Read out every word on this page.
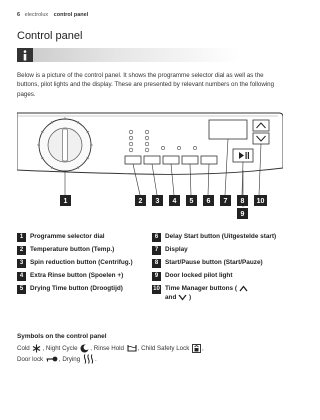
6 electrolux control panel
Control panel
Below is a picture of the control panel. It shows the programme selector dial as well as the buttons, pilot lights and the display. These are presented by relevant numbers on the following pages.
1	2 3 4 5 6 7 8
9
10
1	Programme selector dial
2	Temperature button (Temp.)
3	Spin reduction button (Centrifug.)
4	Extra Rinse button (Spoelen +)
5	Drying Time button (Droogtijd)
6	Delay Start button (Uitgestelde start)
7	Display
8	Start/Pause button (Start/Pauze)
9	Door locked pilot light
10 Time Manager buttons (
and )
Symbols on the control panel
Cold , Night Cycle , Rinse Hold , Child Safety Lock ,
Door lock	, Drying .
